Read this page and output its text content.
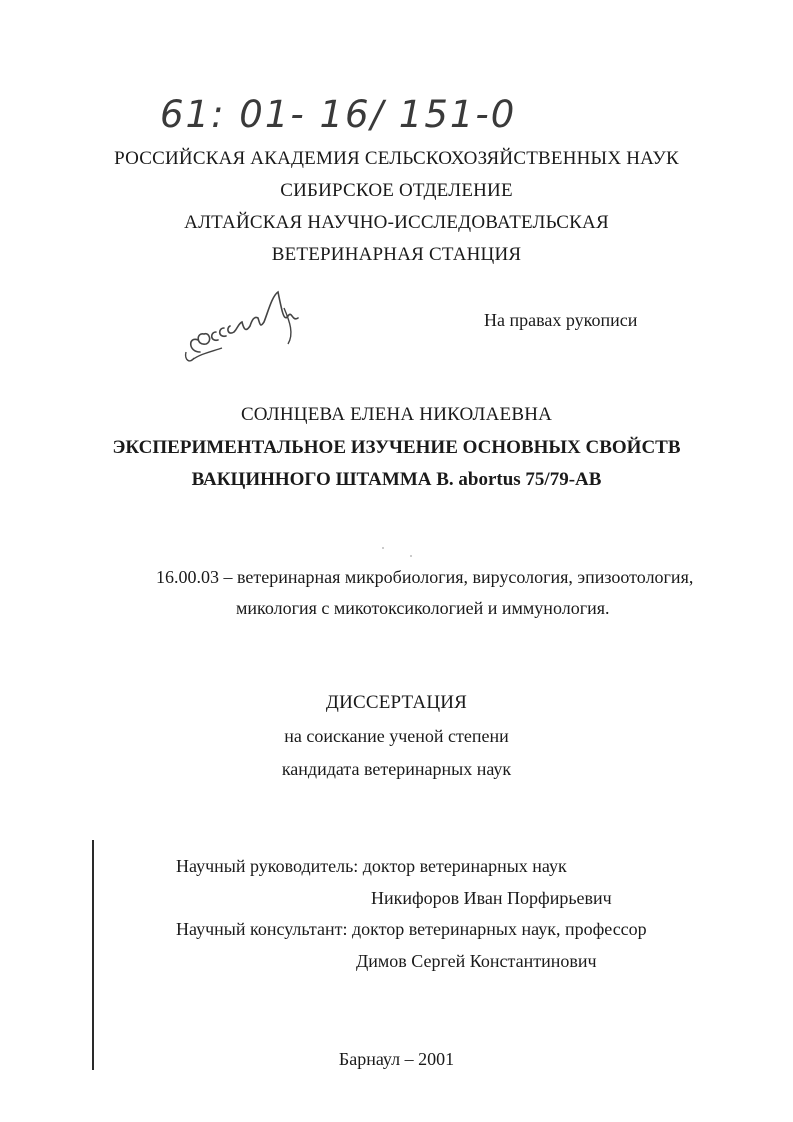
61: 01- 16/ 151-0
РОССИЙСКАЯ АКАДЕМИЯ СЕЛЬСКОХОЗЯЙСТВЕННЫХ НАУК
СИБИРСКОЕ ОТДЕЛЕНИЕ
АЛТАЙСКАЯ НАУЧНО-ИССЛЕДОВАТЕЛЬСКАЯ
ВЕТЕРИНАРНАЯ СТАНЦИЯ
На правах рукописи
СОЛНЦЕВА ЕЛЕНА НИКОЛАЕВНА
ЭКСПЕРИМЕНТАЛЬНОЕ ИЗУЧЕНИЕ ОСНОВНЫХ СВОЙСТВ
ВАКЦИННОГО ШТАММА B. abortus 75/79-AB
16.00.03 – ветеринарная микробиология, вирусология, эпизоотология,
микология с микотоксикологией и иммунология.
ДИССЕРТАЦИЯ
на соискание ученой степени
кандидата ветеринарных наук
Научный руководитель: доктор ветеринарных наук
Никифоров Иван Порфирьевич
Научный консультант: доктор ветеринарных наук, профессор
Димов Сергей Константинович
Барнаул – 2001
